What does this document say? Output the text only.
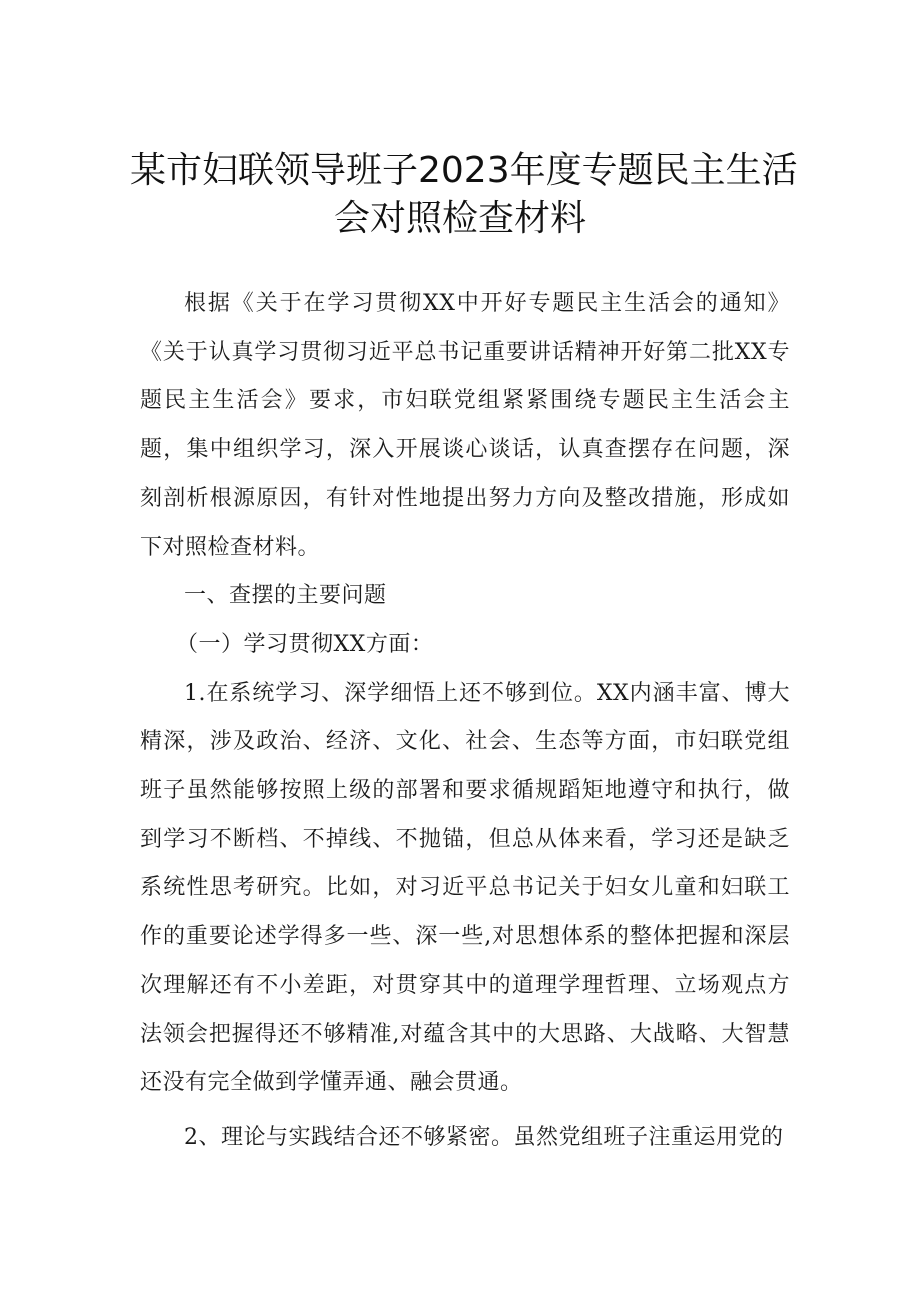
某市妇联领导班子2023年度专题民主生活
会对照检查材料

根据《关于在学习贯彻XX中开好专题民主生活会的通知》《关于认真学习贯彻习近平总书记重要讲话精神开好第二批XX专题民主生活会》要求，市妇联党组紧紧围绕专题民主生活会主题，集中组织学习，深入开展谈心谈话，认真查摆存在问题，深刻剖析根源原因，有针对性地提出努力方向及整改措施，形成如下对照检查材料。

一、查摆的主要问题

（一）学习贯彻XX方面：

1.在系统学习、深学细悟上还不够到位。XX内涵丰富、博大精深，涉及政治、经济、文化、社会、生态等方面，市妇联党组班子虽然能够按照上级的部署和要求循规蹈矩地遵守和执行，做到学习不断档、不掉线、不抛锚，但总从体来看，学习还是缺乏系统性思考研究。比如，对习近平总书记关于妇女儿童和妇联工作的重要论述学得多一些、深一些,对思想体系的整体把握和深层次理解还有不小差距，对贯穿其中的道理学理哲理、立场观点方法领会把握得还不够精准,对蕴含其中的大思路、大战略、大智慧还没有完全做到学懂弄通、融会贯通。

2、理论与实践结合还不够紧密。虽然党组班子注重运用党的
